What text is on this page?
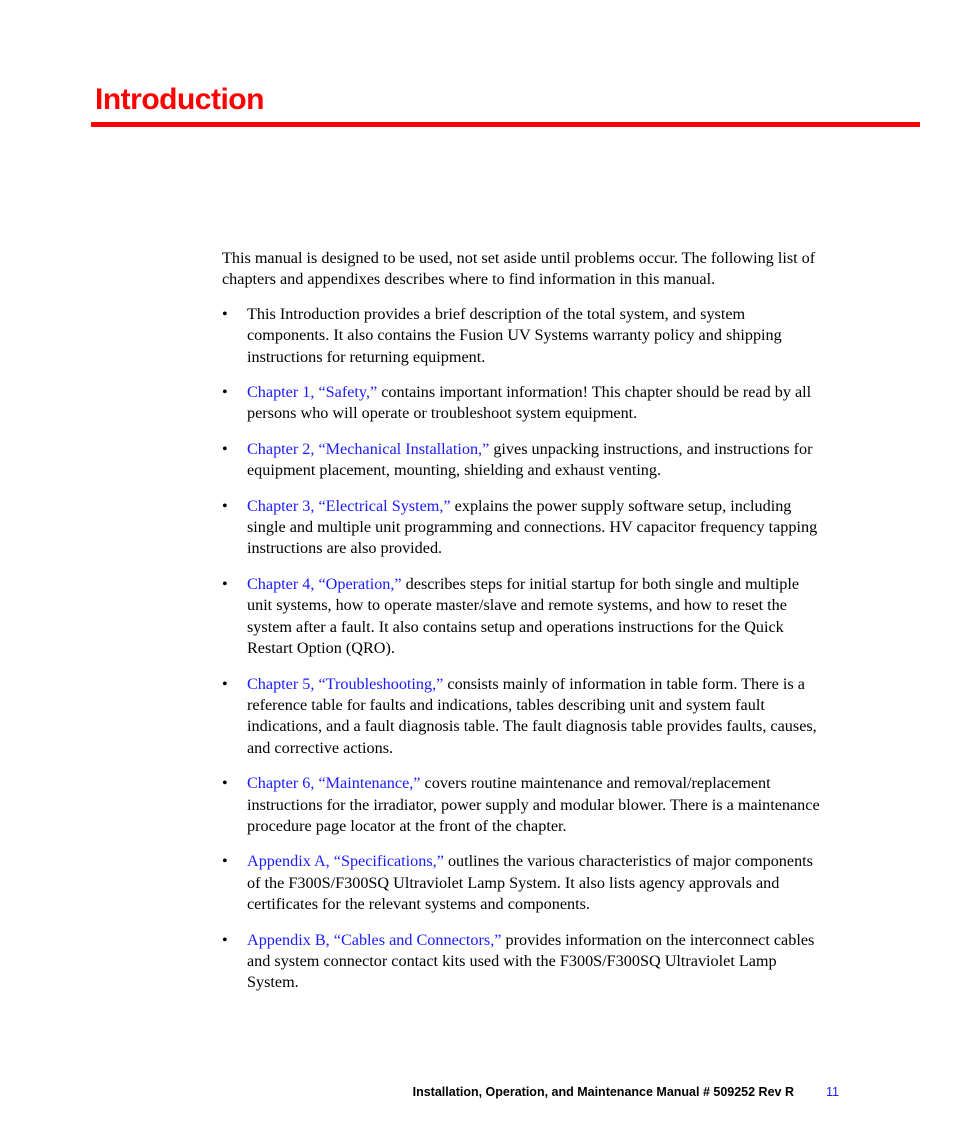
Introduction

This manual is designed to be used, not set aside until problems occur. The following list of chapters and appendixes describes where to find information in this manual.

• This Introduction provides a brief description of the total system, and system components. It also contains the Fusion UV Systems warranty policy and shipping instructions for returning equipment.
• Chapter 1, “Safety,” contains important information! This chapter should be read by all persons who will operate or troubleshoot system equipment.
• Chapter 2, “Mechanical Installation,” gives unpacking instructions, and instructions for equipment placement, mounting, shielding and exhaust venting.
• Chapter 3, “Electrical System,” explains the power supply software setup, including single and multiple unit programming and connections. HV capacitor frequency tapping instructions are also provided.
• Chapter 4, “Operation,” describes steps for initial startup for both single and multiple unit systems, how to operate master/slave and remote systems, and how to reset the system after a fault. It also contains setup and operations instructions for the Quick Restart Option (QRO).
• Chapter 5, “Troubleshooting,” consists mainly of information in table form. There is a reference table for faults and indications, tables describing unit and system fault indications, and a fault diagnosis table. The fault diagnosis table provides faults, causes, and corrective actions.
• Chapter 6, “Maintenance,” covers routine maintenance and removal/replacement instructions for the irradiator, power supply and modular blower. There is a maintenance procedure page locator at the front of the chapter.
• Appendix A, “Specifications,” outlines the various characteristics of major components of the F300S/F300SQ Ultraviolet Lamp System. It also lists agency approvals and certificates for the relevant systems and components.
• Appendix B, “Cables and Connectors,” provides information on the interconnect cables and system connector contact kits used with the F300S/F300SQ Ultraviolet Lamp System.
Installation, Operation, and Maintenance Manual # 509252 Rev R	11
